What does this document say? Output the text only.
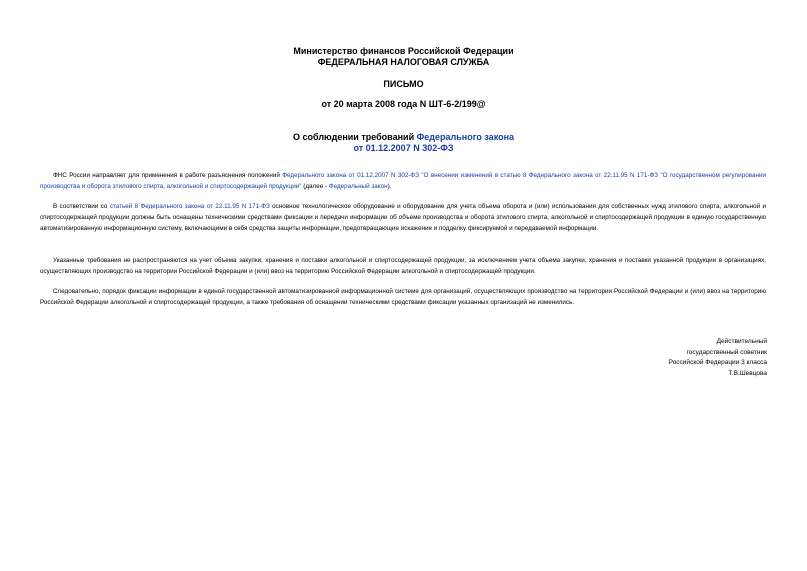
Министерство финансов Российской Федерации
ФЕДЕРАЛЬНАЯ НАЛОГОВАЯ СЛУЖБА
ПИСЬМО
от 20 марта 2008 года N ШТ-6-2/199@
О соблюдении требований Федерального закона
от 01.12.2007 N 302-ФЗ
ФНС России направляет для применения в работе разъяснения положений Федерального закона от 01.12.2007 N 302-ФЗ "О внесении изменений в статью 8 Федерального закона от 22.11.95 N 171-ФЗ "О государственном регулировании производства и оборота этилового спирта, алкогольной и спиртосодержащей продукции" (далее - Федеральный закон).
В соответствии со статьей 8 Федерального закона от 22.11.95 N 171-ФЗ основное технологическое оборудование и оборудование для учета объема оборота и (или) использования для собственных нужд этилового спирта, алкогольной и спиртосодержащей продукции должны быть оснащены техническими средствами фиксации и передачи информации об объеме производства и оборота этилового спирта, алкогольной и спиртосодержащей продукции в единую государственную автоматизированную информационную систему, включающими в себя средства защиты информации, предотвращающие искажение и подделку фиксируемой и передаваемой информации.
Указанные требования не распространяются на учет объема закупки, хранения и поставки алкогольной и спиртосодержащей продукции, за исключением учета объема закупки, хранения и поставки указанной продукции в организациях, осуществляющих производство на территории Российской Федерации и (или) ввоз на территорию Российской Федерации алкогольной и спиртосодержащей продукции.
Следовательно, порядок фиксации информации в единой государственной автоматизированной информационной системе для организаций, осуществляющих производство на территории Российской Федерации и (или) ввоз на территорию Российской Федерации алкогольной и спиртосодержащей продукции, а также требования об оснащении техническими средствами фиксации указанных организаций не изменились.
Действительный
государственный советник
Российской Федерации 3 класса
Т.В.Шевцова
